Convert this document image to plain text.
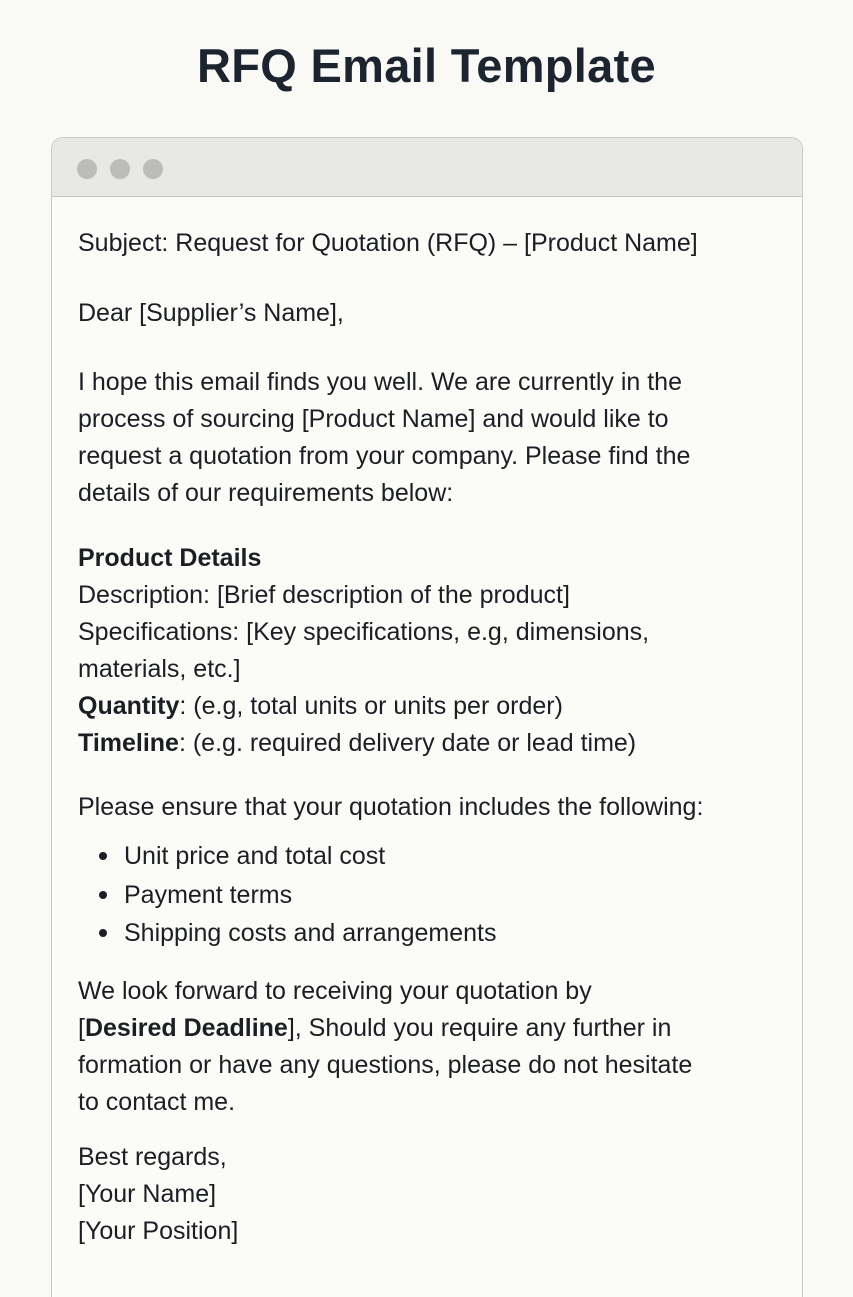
RFQ Email Template
Subject: Request for Quotation (RFQ) – [Product Name]
Dear [Supplier’s Name],
I hope this email finds you well. We are currently in the
process of sourcing [Product Name] and would like to
request a quotation from your company. Please find the
details of our requirements below:
Product Details
Description: [Brief description of the product]
Specifications: [Key specifications, e.g, dimensions,
materials, etc.]
Quantity: (e.g, total units or units per order)
Timeline: (e.g. required delivery date or lead time)
Please ensure that your quotation includes the following:
Unit price and total cost
Payment terms
Shipping costs and arrangements
We look forward to receiving your quotation by
[Desired Deadline], Should you require any further in
formation or have any questions, please do not hesitate
to contact me.
Best regards,
[Your Name]
[Your Position]
